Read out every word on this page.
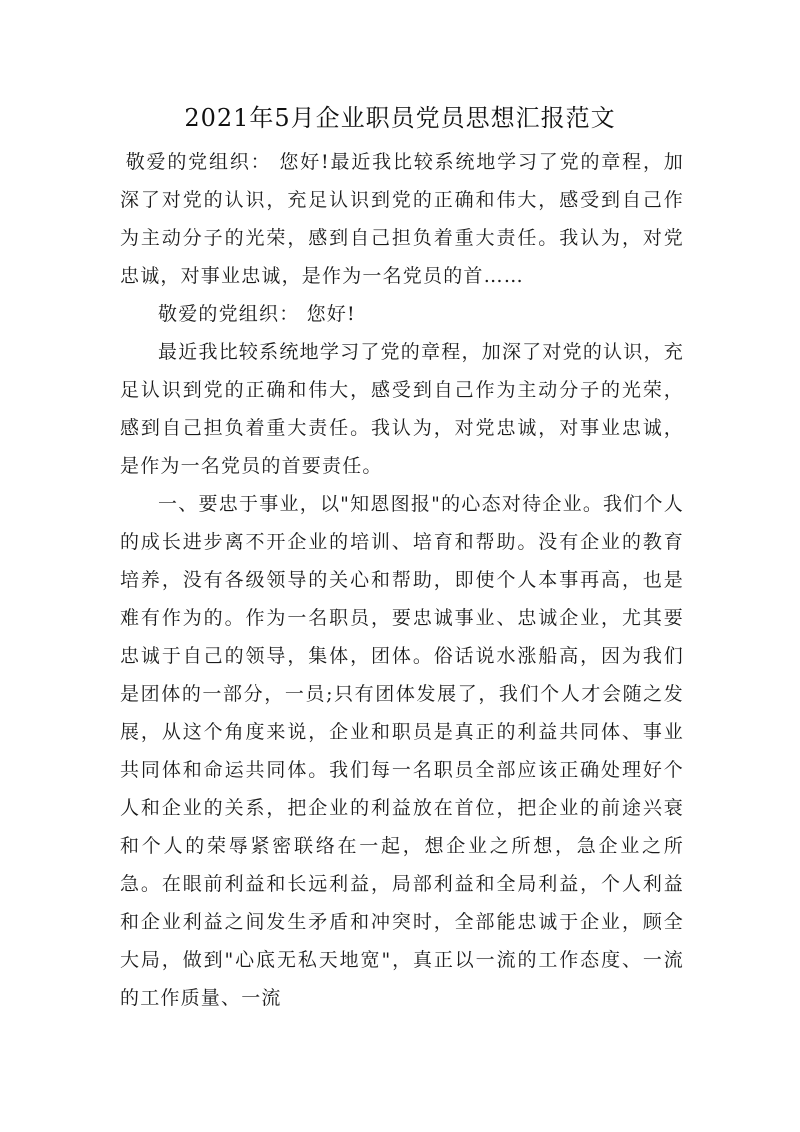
2021年5月企业职员党员思想汇报范文

敬爱的党组织： 您好!最近我比较系统地学习了党的章程，加深了对党的认识，充足认识到党的正确和伟大，感受到自己作为主动分子的光荣，感到自己担负着重大责任。我认为，对党忠诚，对事业忠诚，是作为一名党员的首……

敬爱的党组织： 您好!

最近我比较系统地学习了党的章程，加深了对党的认识，充足认识到党的正确和伟大，感受到自己作为主动分子的光荣，感到自己担负着重大责任。我认为，对党忠诚，对事业忠诚，是作为一名党员的首要责任。

一、要忠于事业，以"知恩图报"的心态对待企业。我们个人的成长进步离不开企业的培训、培育和帮助。没有企业的教育培养，没有各级领导的关心和帮助，即使个人本事再高，也是难有作为的。作为一名职员，要忠诚事业、忠诚企业，尤其要忠诚于自己的领导，集体，团体。俗话说水涨船高，因为我们是团体的一部分，一员;只有团体发展了，我们个人才会随之发展，从这个角度来说，企业和职员是真正的利益共同体、事业共同体和命运共同体。我们每一名职员全部应该正确处理好个人和企业的关系，把企业的利益放在首位，把企业的前途兴衰和个人的荣辱紧密联络在一起，想企业之所想，急企业之所急。在眼前利益和长远利益，局部利益和全局利益，个人利益和企业利益之间发生矛盾和冲突时，全部能忠诚于企业，顾全大局，做到"心底无私天地宽"，真正以一流的工作态度、一流的工作质量、一流
